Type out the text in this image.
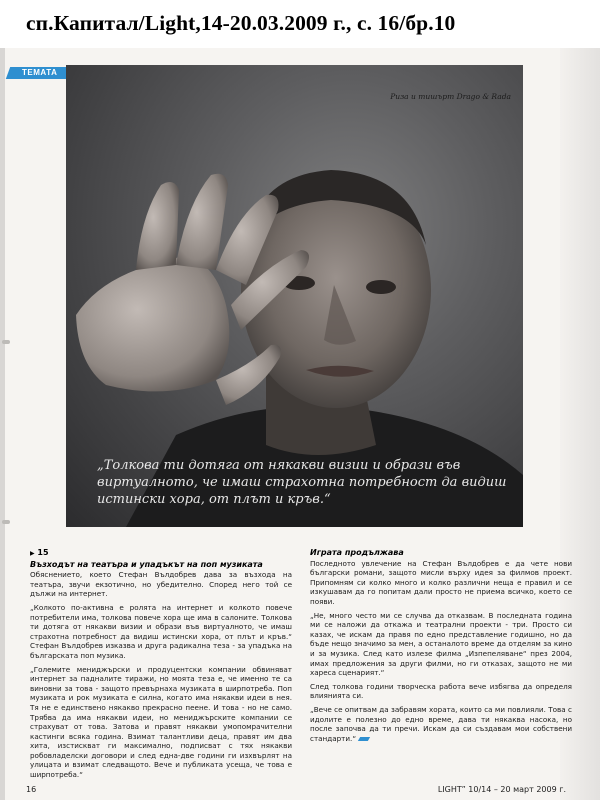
сп.Капитал/Light,14-20.03.2009 г., с. 16/бр.10
ТЕМАТА
Риза и тишърт Drago & Rada
„Толкова ти дотяга от някакви визии и образи във виртуалното, че имаш страхотна потребност да видиш истински хора, от плът и кръв.“
▶ 15
Възходът на театъра и упадъкът на поп музиката

Обяснението, което Стефан Вълдобрев дава за възхода на театъра, звучи екзотично, но убедително. Според него той се дължи на интернет.

„Колкото по-активна е ролята на интернет и колкото повече потребители има, толкова повече хора ще има в салоните. Толкова ти дотяга от някакви визии и образи във виртуалното, че имаш страхотна потребност да видиш истински хора, от плът и кръв.“ Стефан Вълдобрев изказва и друга радикална теза - за упадъка на българската поп музика.

„Големите мениджърски и продуцентски компании обвиняват интернет за падналите тиражи, но моята теза е, че именно те са виновни за това - защото превърнаха музиката в ширпотреба. Поп музиката и рок музиката е силна, когато има някакви идеи в нея. Тя не е единствено някакво прекрасно пеене. И това - но не само. Трябва да има някакви идеи, но мениджърските компании се страхуват от това. Затова и правят някакви умопомрачителни кастинги всяка година. Взимат талантливи деца, правят им два хита, изстискват ги максимално, подписват с тях някакви робовладелски договори и след една-две години ги изхвърлят на улицата и взимат следващото. Вече и публиката усеща, че това е ширпотреба.“

Играта продължава

Последното увлечение на Стефан Вълдобрев е да чете нови български романи, защото мисли върху идея за филмов проект. Припомням си колко много и колко различни неща е правил и се изкушавам да го попитам дали просто не приема всичко, което се появи.

„Не, много често ми се случва да отказвам. В последната година ми се наложи да откажа и театрални проекти - три. Просто си казах, че искам да правя по едно представление годишно, но да бъде нещо значимо за мен, а останалото време да отделям за кино и за музика. След като излезе филма „Изпепеляване“ през 2004, имах предложения за други филми, но ги отказах, защото не ми хареса сценарият.“

След толкова години творческа работа вече избягва да определя влиянията си.

„Вече се опитвам да забравям хората, които са ми повлияли. Това с идолите е полезно до едно време, дава ти някаква насока, но после започва да ти пречи. Искам да си създавам мои собствени стандарти.“

16	LIGHT” 10/14 – 20 март 2009 г.
